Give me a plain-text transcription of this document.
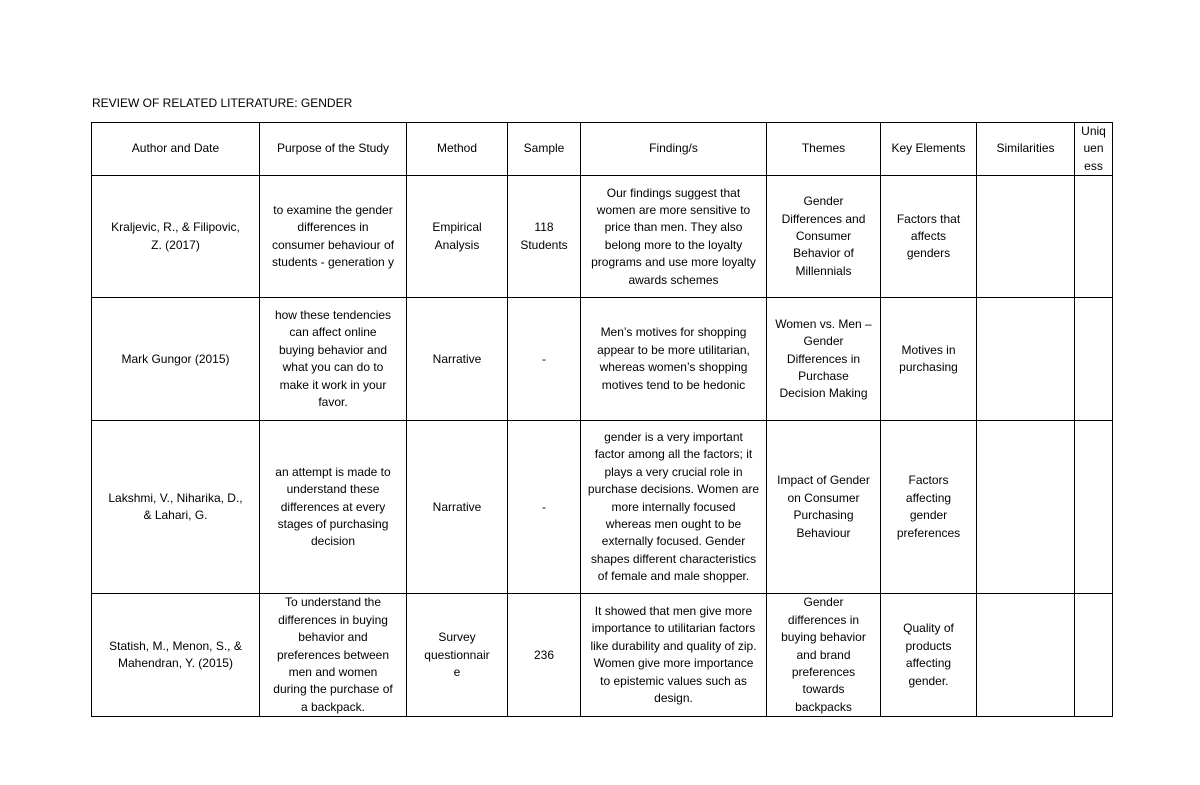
REVIEW OF RELATED LITERATURE: GENDER
Author and Date	Purpose of the Study	Method	Sample	Finding/s	Themes	Key Elements	Similarities	Uniqueness
Kraljevic, R., & Filipovic, Z. (2017)	to examine the gender differences in consumer behaviour of students - generation y	Empirical Analysis	118 Students	Our findings suggest that women are more sensitive to price than men. They also belong more to the loyalty programs and use more loyalty awards schemes	Gender Differences and Consumer Behavior of Millennials	Factors that affects genders		
Mark Gungor (2015)	how these tendencies can affect online buying behavior and what you can do to make it work in your favor.	Narrative	-	Men’s motives for shopping appear to be more utilitarian, whereas women’s shopping motives tend to be hedonic	Women vs. Men – Gender Differences in Purchase Decision Making	Motives in purchasing		
Lakshmi, V., Niharika, D., & Lahari, G.	an attempt is made to understand these differences at every stages of purchasing decision	Narrative	-	gender is a very important factor among all the factors; it plays a very crucial role in purchase decisions. Women are more internally focused whereas men ought to be externally focused. Gender shapes different characteristics of female and male shopper.	Impact of Gender on Consumer Purchasing Behaviour	Factors affecting gender preferences		
Statish, M., Menon, S., & Mahendran, Y. (2015)	To understand the differences in buying behavior and preferences between men and women during the purchase of a backpack.	Survey questionnaire	236	It showed that men give more importance to utilitarian factors like durability and quality of zip. Women give more importance to epistemic values such as design.	Gender differences in buying behavior and brand preferences towards backpacks	Quality of products affecting gender.		
